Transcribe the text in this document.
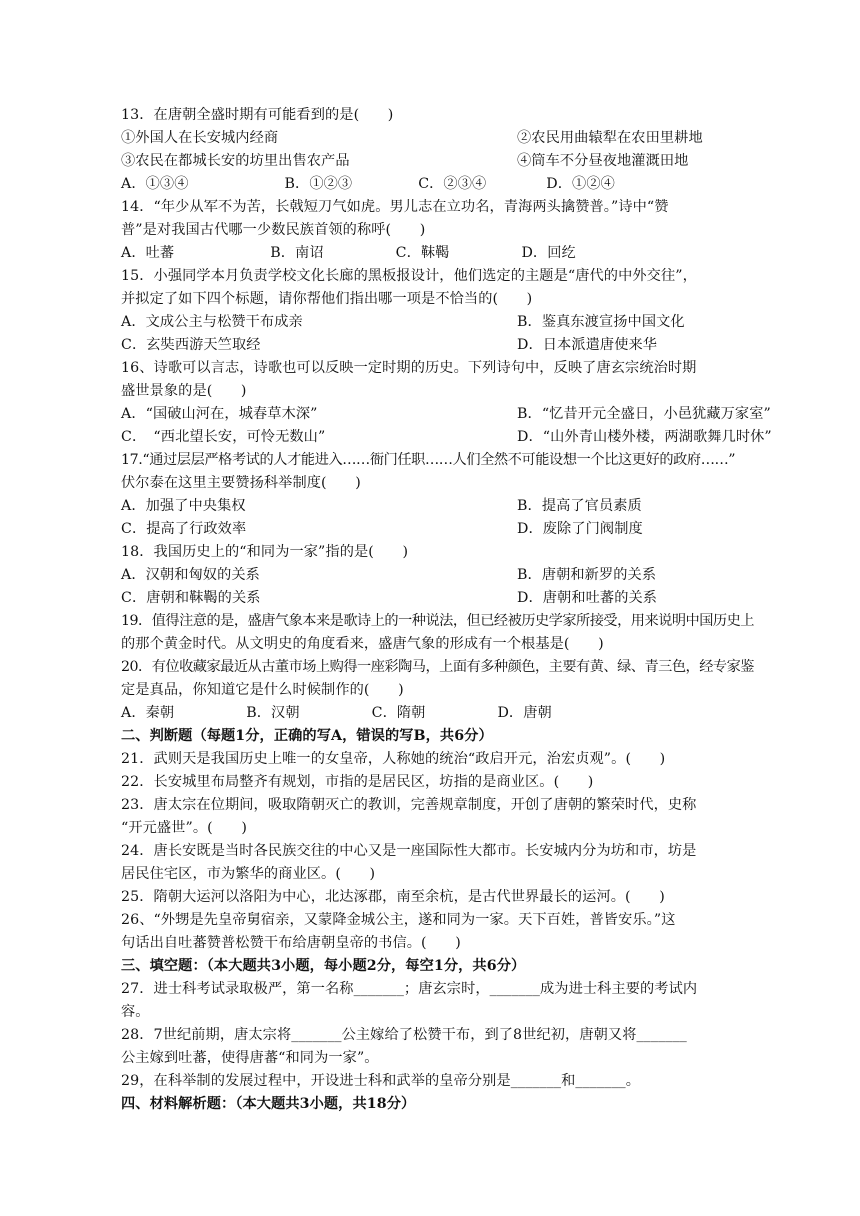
13．在唐朝全盛时期有可能看到的是(　　)
①外国人在长安城内经商	②农民用曲辕犁在农田里耕地
③农民在都城长安的坊里出售农产品	④筒车不分昼夜地灌溉田地
A．①③④	B．①②③	C．②③④	D．①②④
14．“年少从军不为苦，长戟短刀气如虎。男儿志在立功名，青海两头擒赞普。”诗中“赞
普”是对我国古代哪一少数民族首领的称呼(　　)
A．吐蕃	B．南诏	C．靺鞨	D．回纥
15．小强同学本月负责学校文化长廊的黑板报设计，他们选定的主题是“唐代的中外交往”，
并拟定了如下四个标题，请你帮他们指出哪一项是不恰当的(　　)
A．文成公主与松赞干布成亲	B．鉴真东渡宣扬中国文化
C．玄奘西游天竺取经	D．日本派遣唐使来华
16、诗歌可以言志，诗歌也可以反映一定时期的历史。下列诗句中，反映了唐玄宗统治时期
盛世景象的是(　　)
A．“国破山河在，城春草木深”	B．“忆昔开元全盛日，小邑犹藏万家室”
C．　“西北望长安，可怜无数山”	D．“山外青山楼外楼，两湖歌舞几时休”
17.“通过层层严格考试的人才能进入……衙门任职……人们全然不可能设想一个比这更好的政府……”
伏尔泰在这里主要赞扬科举制度(　　)
A．加强了中央集权	B．提高了官员素质
C．提高了行政效率	D．废除了门阀制度
18．我国历史上的“和同为一家”指的是(　　)
A．汉朝和匈奴的关系	B．唐朝和新罗的关系
C．唐朝和靺鞨的关系	D．唐朝和吐蕃的关系
19．值得注意的是，盛唐气象本来是歌诗上的一种说法，但已经被历史学家所接受，用来说明中国历史上
的那个黄金时代。从文明史的角度看来，盛唐气象的形成有一个根基是(　　)
20．有位收藏家最近从古董市场上购得一座彩陶马，上面有多种颜色，主要有黄、绿、青三色，经专家鉴
定是真品，你知道它是什么时候制作的(　　)
A．秦朝	B．汉朝	C．隋朝	D．唐朝
二、判断题（每题1分，正确的写A，错误的写B，共6分）
21．武则天是我国历史上唯一的女皇帝，人称她的统治“政启开元，治宏贞观”。(　　)
22．长安城里布局整齐有规划，市指的是居民区，坊指的是商业区。(　　)
23．唐太宗在位期间，吸取隋朝灭亡的教训，完善规章制度，开创了唐朝的繁荣时代，史称
“开元盛世”。(　　)
24．唐长安既是当时各民族交往的中心又是一座国际性大都市。长安城内分为坊和市，坊是
居民住宅区，市为繁华的商业区。(　　)
25．隋朝大运河以洛阳为中心，北达涿郡，南至余杭，是古代世界最长的运河。(　　)
26、“外甥是先皇帝舅宿亲，又蒙降金城公主，遂和同为一家。天下百姓，普皆安乐。”这
句话出自吐蕃赞普松赞干布给唐朝皇帝的书信。(　　)
三、填空题：（本大题共3小题，每小题2分，每空1分，共6分）
27．进士科考试录取极严，第一名称_______；唐玄宗时，_______成为进士科主要的考试内
容。
28．7世纪前期，唐太宗将_______公主嫁给了松赞干布，到了8世纪初，唐朝又将_______
公主嫁到吐蕃，使得唐蕃“和同为一家”。
29，在科举制的发展过程中，开设进士科和武举的皇帝分别是_______和_______。
四、材料解析题：（本大题共3小题，共18分）
